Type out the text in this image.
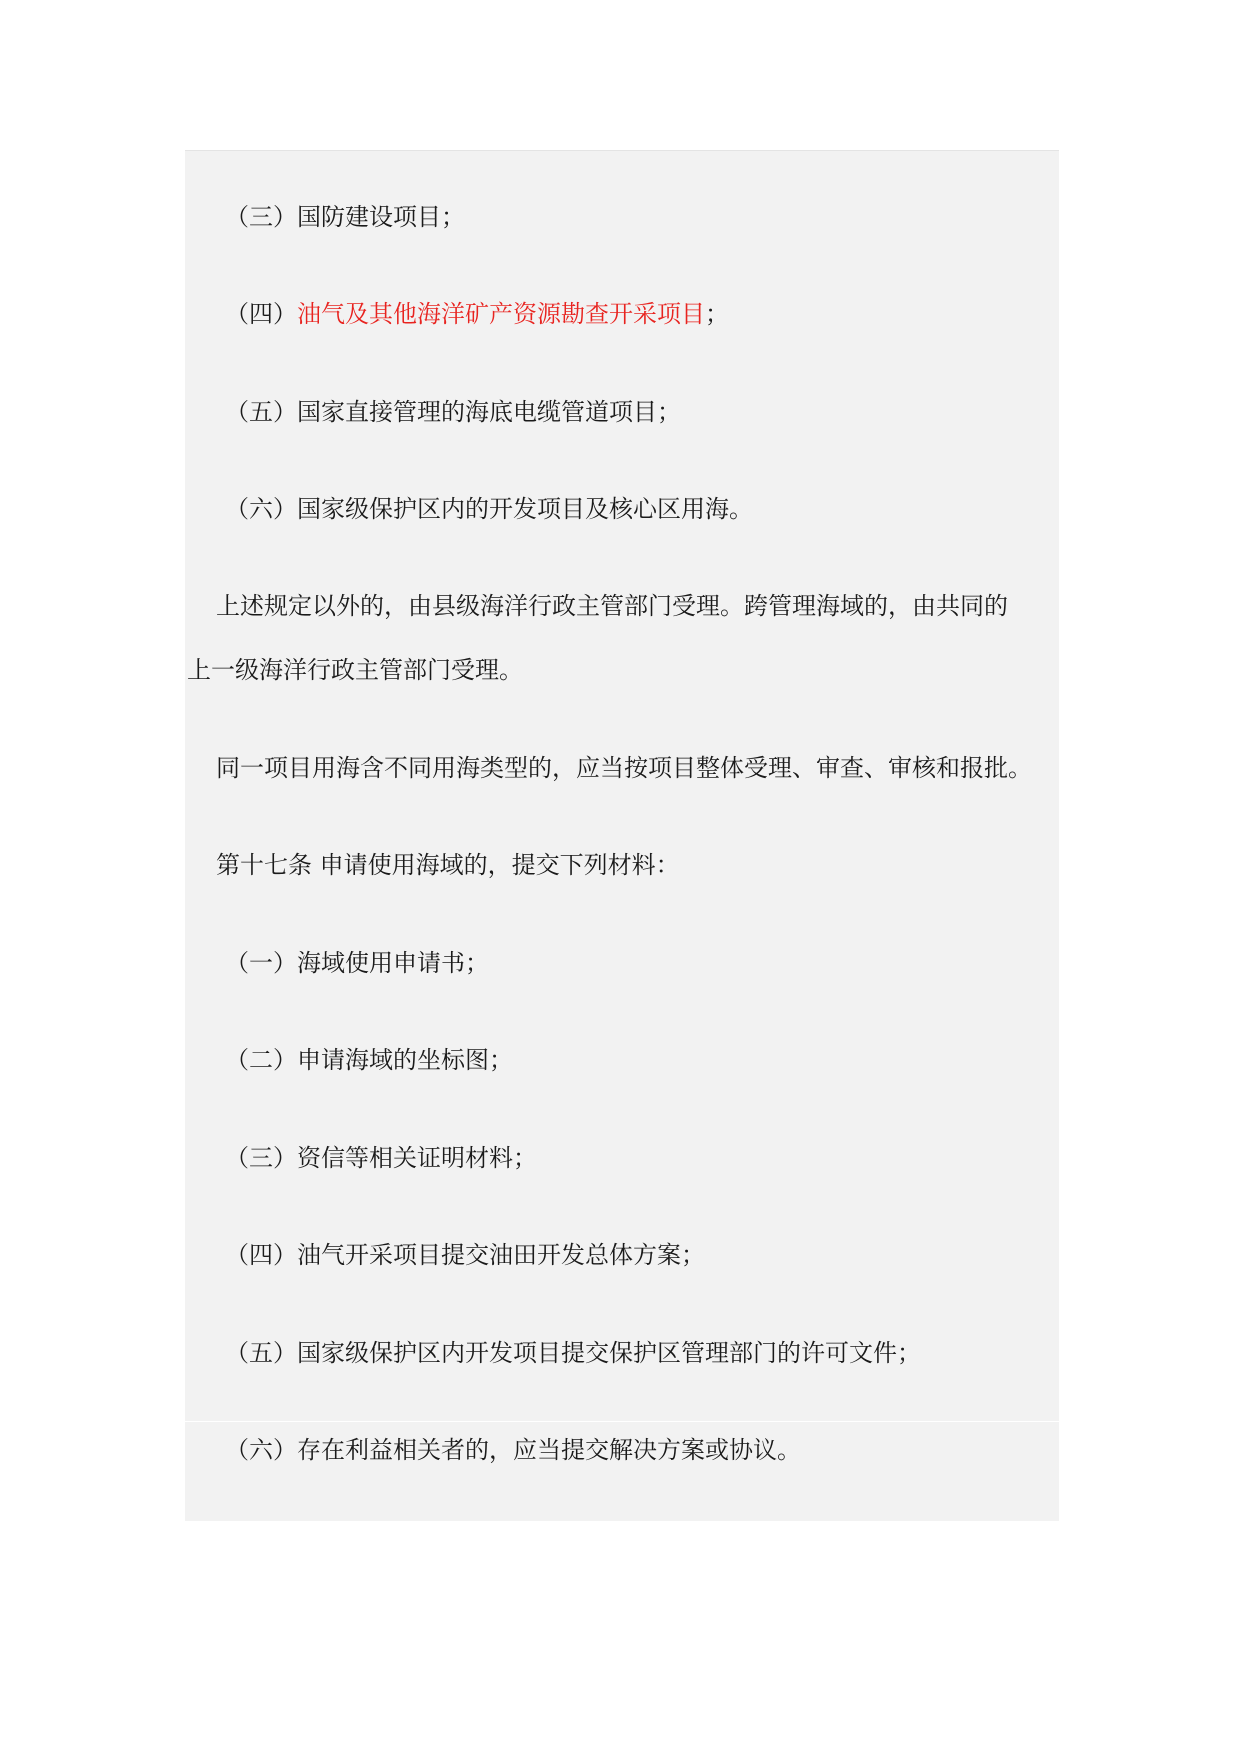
（三）国防建设项目；

（四）油气及其他海洋矿产资源勘查开采项目；

（五）国家直接管理的海底电缆管道项目；

（六）国家级保护区内的开发项目及核心区用海。

上述规定以外的，由县级海洋行政主管部门受理。跨管理海域的，由共同的

上一级海洋行政主管部门受理。

同一项目用海含不同用海类型的，应当按项目整体受理、审查、审核和报批。

第十七条 申请使用海域的，提交下列材料：

（一）海域使用申请书；

（二）申请海域的坐标图；

（三）资信等相关证明材料；

（四）油气开采项目提交油田开发总体方案；

（五）国家级保护区内开发项目提交保护区管理部门的许可文件；

（六）存在利益相关者的，应当提交解决方案或协议。
